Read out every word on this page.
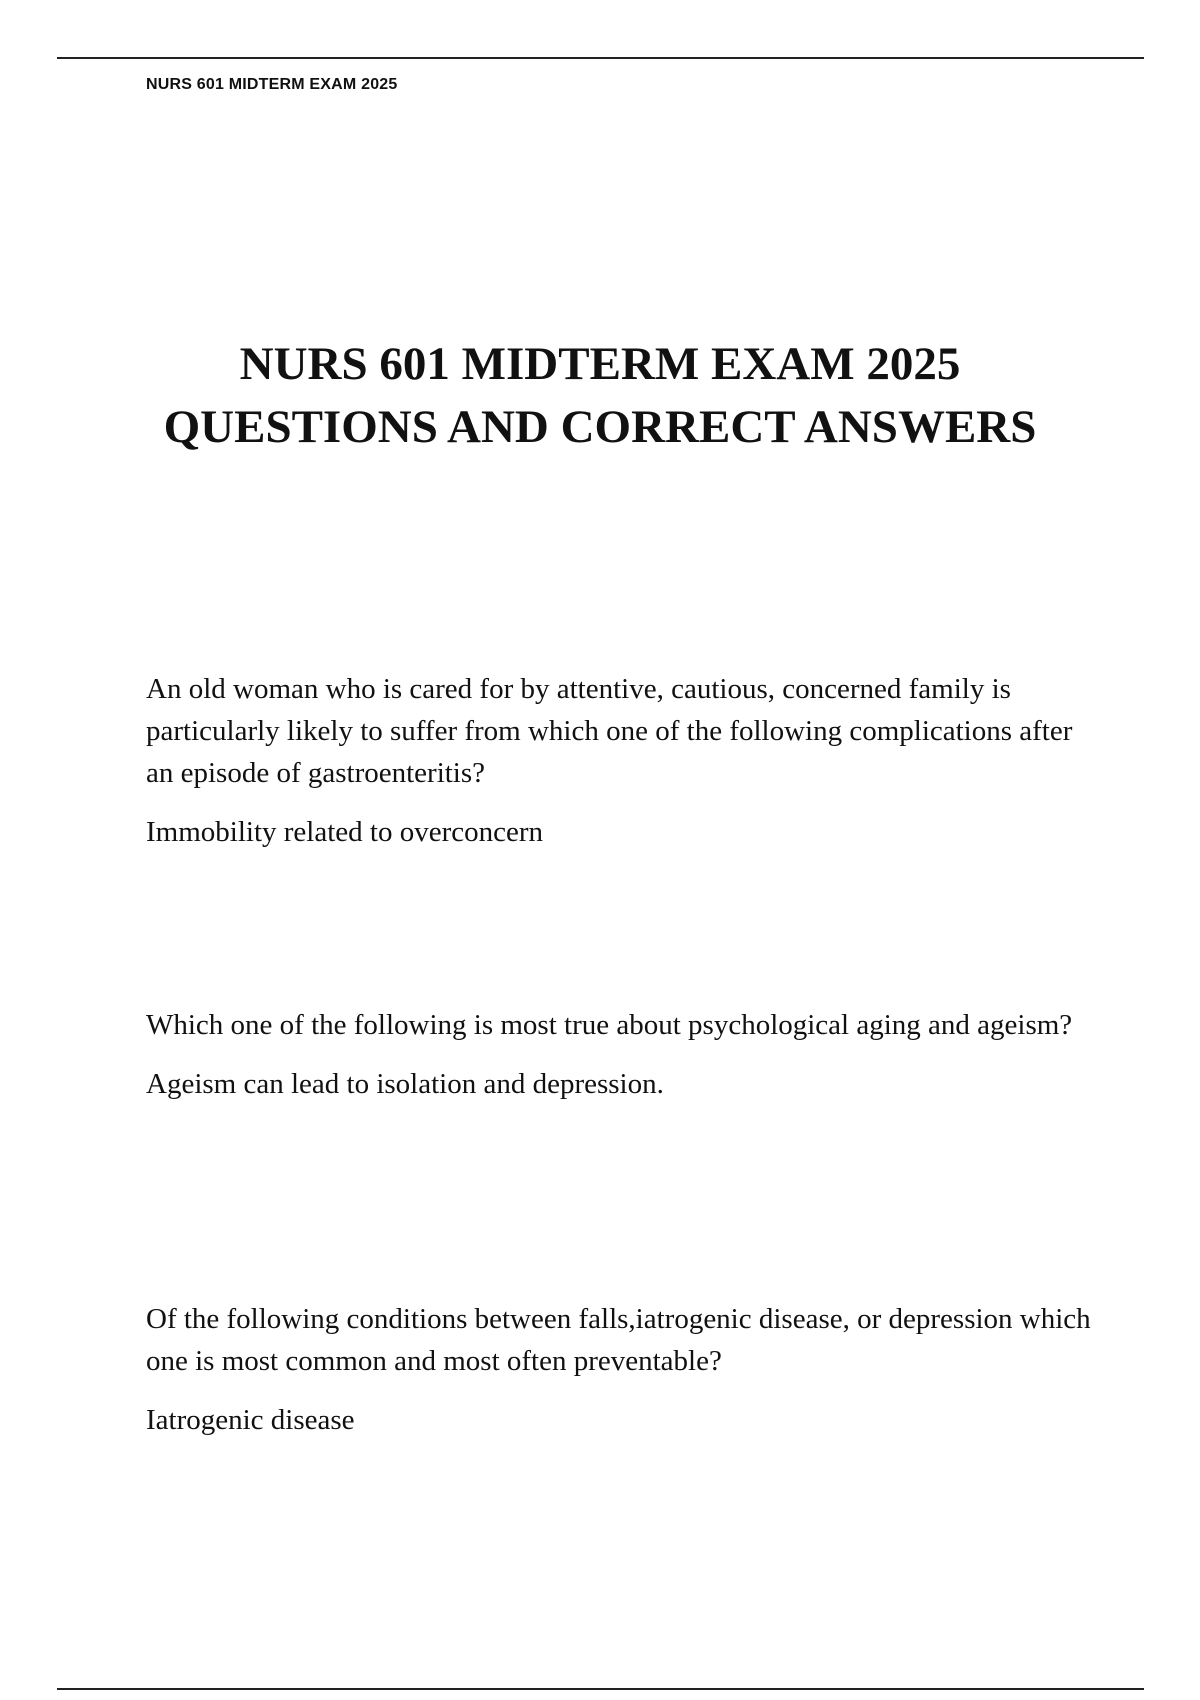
NURS 601 MIDTERM EXAM 2025
NURS 601 MIDTERM EXAM 2025
QUESTIONS AND CORRECT ANSWERS

An old woman who is cared for by attentive, cautious, concerned family is particularly likely to suffer from which one of the following complications after an episode of gastroenteritis?

Immobility related to overconcern

Which one of the following is most true about psychological aging and ageism?

Ageism can lead to isolation and depression.

Of the following conditions between falls,iatrogenic disease, or depression which one is most common and most often preventable?

Iatrogenic disease
